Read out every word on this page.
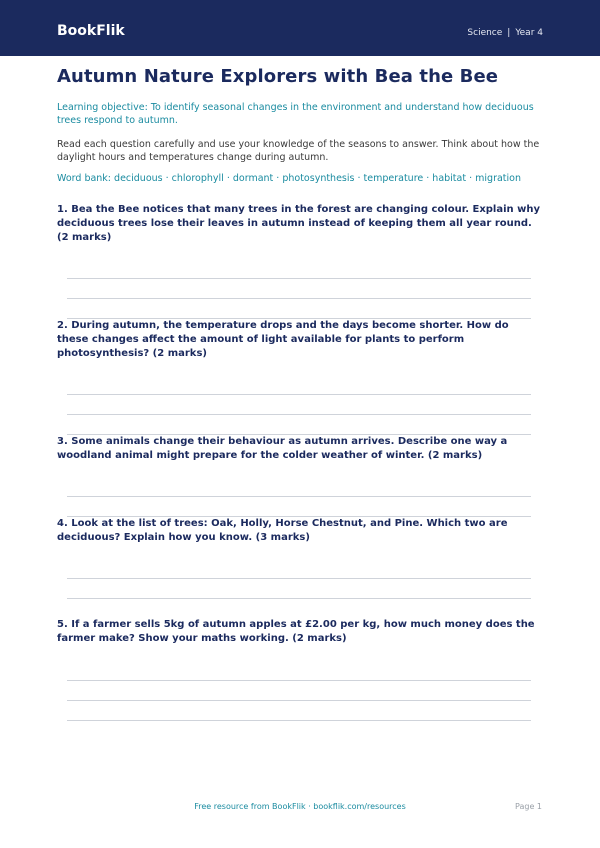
BookFlik	Science | Year 4
Autumn Nature Explorers with Bea the Bee
Learning objective: To identify seasonal changes in the environment and understand how deciduous trees respond to autumn.
Read each question carefully and use your knowledge of the seasons to answer. Think about how the daylight hours and temperatures change during autumn.
Word bank: deciduous · chlorophyll · dormant · photosynthesis · temperature · habitat · migration
1. Bea the Bee notices that many trees in the forest are changing colour. Explain why deciduous trees lose their leaves in autumn instead of keeping them all year round. (2 marks)
2. During autumn, the temperature drops and the days become shorter. How do these changes affect the amount of light available for plants to perform photosynthesis? (2 marks)
3. Some animals change their behaviour as autumn arrives. Describe one way a woodland animal might prepare for the colder weather of winter. (2 marks)
4. Look at the list of trees: Oak, Holly, Horse Chestnut, and Pine. Which two are deciduous? Explain how you know. (3 marks)
5. If a farmer sells 5kg of autumn apples at £2.00 per kg, how much money does the farmer make? Show your maths working. (2 marks)
Free resource from BookFlik · bookflik.com/resources	Page 1
